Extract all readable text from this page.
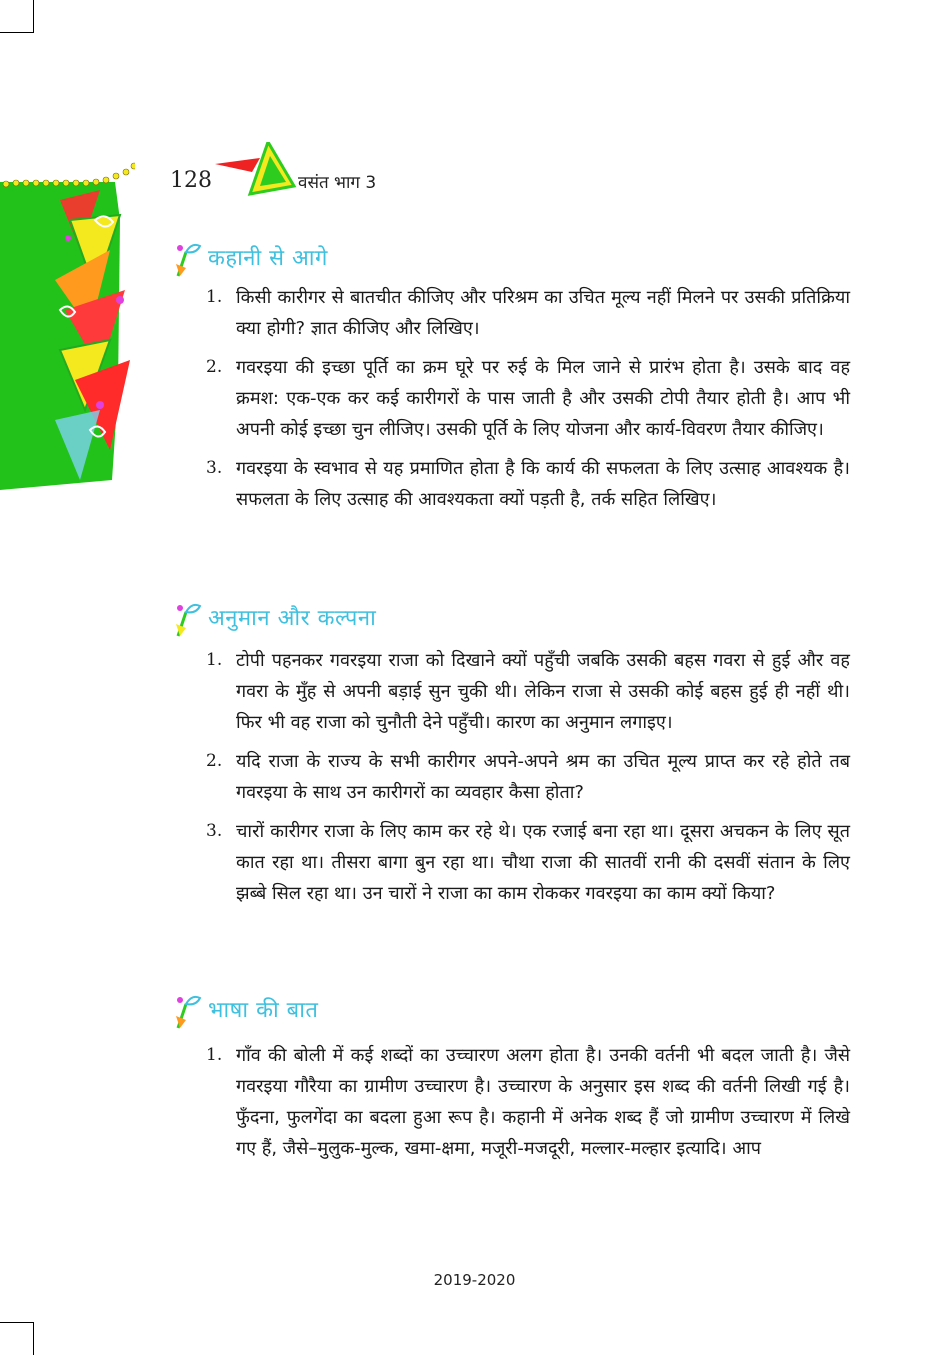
128	वसंत भाग 3
कहानी से आगे
1. किसी कारीगर से बातचीत कीजिए और परिश्रम का उचित मूल्य नहीं मिलने पर उसकी प्रतिक्रिया क्या होगी? ज्ञात कीजिए और लिखिए।
2. गवरइया की इच्छा पूर्ति का क्रम घूरे पर रुई के मिल जाने से प्रारंभ होता है। उसके बाद वह क्रमश: एक-एक कर कई कारीगरों के पास जाती है और उसकी टोपी तैयार होती है। आप भी अपनी कोई इच्छा चुन लीजिए। उसकी पूर्ति के लिए योजना और कार्य-विवरण तैयार कीजिए।
3. गवरइया के स्वभाव से यह प्रमाणित होता है कि कार्य की सफलता के लिए उत्साह आवश्यक है। सफलता के लिए उत्साह की आवश्यकता क्यों पड़ती है, तर्क सहित लिखिए।
अनुमान और कल्पना
1. टोपी पहनकर गवरइया राजा को दिखाने क्यों पहुँची जबकि उसकी बहस गवरा से हुई और वह गवरा के मुँह से अपनी बड़ाई सुन चुकी थी। लेकिन राजा से उसकी कोई बहस हुई ही नहीं थी। फिर भी वह राजा को चुनौती देने पहुँची। कारण का अनुमान लगाइए।
2. यदि राजा के राज्य के सभी कारीगर अपने-अपने श्रम का उचित मूल्य प्राप्त कर रहे होते तब गवरइया के साथ उन कारीगरों का व्यवहार कैसा होता?
3. चारों कारीगर राजा के लिए काम कर रहे थे। एक रजाई बना रहा था। दूसरा अचकन के लिए सूत कात रहा था। तीसरा बागा बुन रहा था। चौथा राजा की सातवीं रानी की दसवीं संतान के लिए झब्बे सिल रहा था। उन चारों ने राजा का काम रोककर गवरइया का काम क्यों किया?
भाषा की बात
1. गाँव की बोली में कई शब्दों का उच्चारण अलग होता है। उनकी वर्तनी भी बदल जाती है। जैसे गवरइया गौरैया का ग्रामीण उच्चारण है। उच्चारण के अनुसार इस शब्द की वर्तनी लिखी गई है। फुँदना, फुलगेंदा का बदला हुआ रूप है। कहानी में अनेक शब्द हैं जो ग्रामीण उच्चारण में लिखे गए हैं, जैसे–मुलुक-मुल्क, खमा-क्षमा, मजूरी-मजदूरी, मल्लार-मल्हार इत्यादि। आप
2019-2020
